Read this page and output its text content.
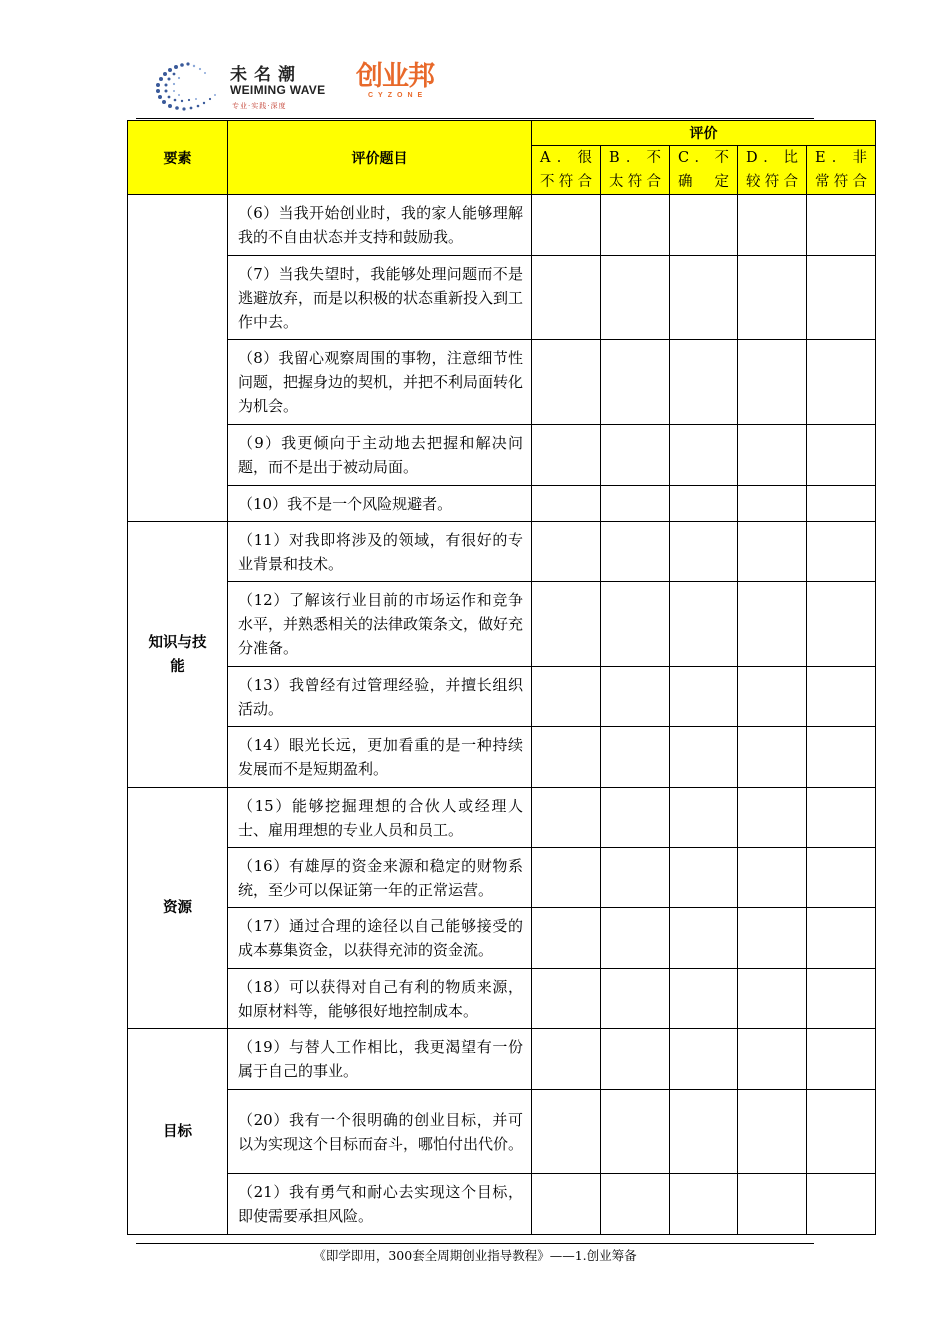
未名潮
WEIMING WAVE
专业·实践·深度
创业邦
CYZONE
要素	评价题目	评价				
		A．很不符合	B．不太符合	C．不确定	D．比较符合	E．非常符合
	（6）当我开始创业时，我的家人能够理解我的不自由状态并支持和鼓励我。					
	（7）当我失望时，我能够处理问题而不是逃避放弃，而是以积极的状态重新投入到工作中去。					
	（8）我留心观察周围的事物，注意细节性问题，把握身边的契机，并把不利局面转化为机会。					
	（9）我更倾向于主动地去把握和解决问题，而不是出于被动局面。					
	（10）我不是一个风险规避者。					
知识与技能	（11）对我即将涉及的领域，有很好的专业背景和技术。					
	（12）了解该行业目前的市场运作和竞争水平，并熟悉相关的法律政策条文，做好充分准备。					
	（13）我曾经有过管理经验，并擅长组织活动。					
	（14）眼光长远，更加看重的是一种持续发展而不是短期盈利。					
资源	（15）能够挖掘理想的合伙人或经理人士、雇用理想的专业人员和员工。					
	（16）有雄厚的资金来源和稳定的财物系统，至少可以保证第一年的正常运营。					
	（17）通过合理的途径以自己能够接受的成本募集资金，以获得充沛的资金流。					
	（18）可以获得对自己有利的物质来源，如原材料等，能够很好地控制成本。					
目标	（19）与替人工作相比，我更渴望有一份属于自己的事业。					
	（20）我有一个很明确的创业目标，并可以为实现这个目标而奋斗，哪怕付出代价。					
	（21）我有勇气和耐心去实现这个目标，即使需要承担风险。					
《即学即用，300套全周期创业指导教程》——1.创业筹备
